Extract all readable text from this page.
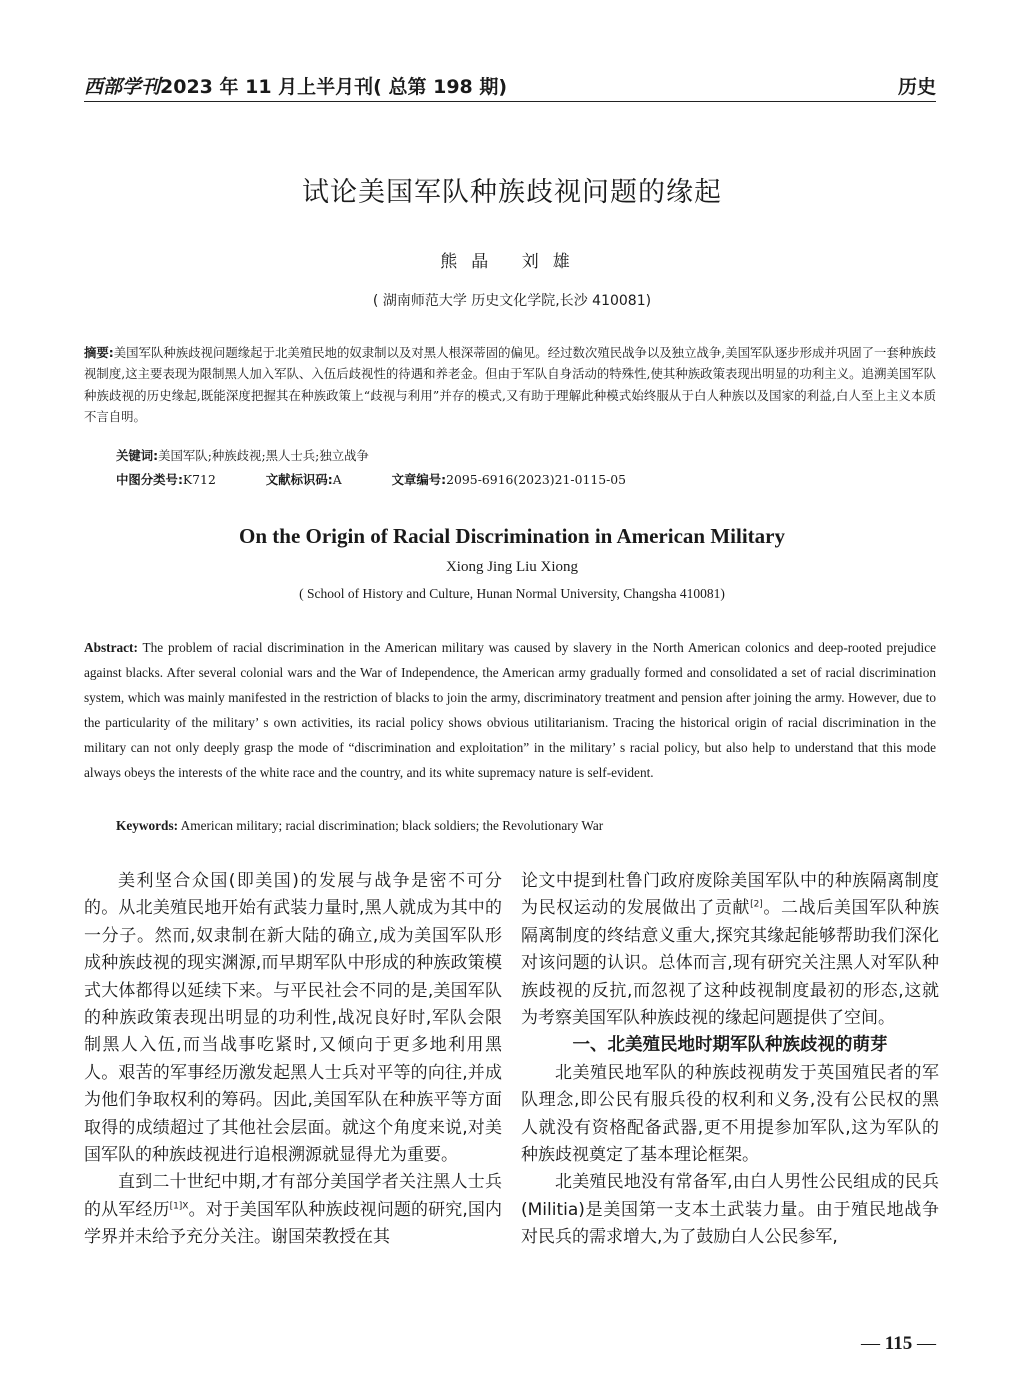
西部学刊2023 年 11 月上半月刊( 总第 198 期)	历史
试论美国军队种族歧视问题的缘起
熊晶 刘雄
( 湖南师范大学 历史文化学院,长沙 410081)
摘要:美国军队种族歧视问题缘起于北美殖民地的奴隶制以及对黑人根深蒂固的偏见。经过数次殖民战争以及独立战争,美国军队逐步形成并巩固了一套种族歧视制度,这主要表现为限制黑人加入军队、入伍后歧视性的待遇和养老金。但由于军队自身活动的特殊性,使其种族政策表现出明显的功利主义。追溯美国军队种族歧视的历史缘起,既能深度把握其在种族政策上“歧视与利用”并存的模式,又有助于理解此种模式始终服从于白人种族以及国家的利益,白人至上主义本质不言自明。
关键词:美国军队;种族歧视;黑人士兵;独立战争
中图分类号:K712	文献标识码:A	文章编号:2095-6916(2023)21-0115-05
On the Origin of Racial Discrimination in American Military
Xiong Jing Liu Xiong
( School of History and Culture, Hunan Normal University, Changsha 410081)
Abstract: The problem of racial discrimination in the American military was caused by slavery in the North American colonics and deep-rooted prejudice against blacks. After several colonial wars and the War of Independence, the American army gradually formed and consolidated a set of racial discrimination system, which was mainly manifested in the restriction of blacks to join the army, discriminatory treatment and pension after joining the army. However, due to the particularity of the military’ s own activities, its racial policy shows obvious utilitarianism. Tracing the historical origin of racial discrimination in the military can not only deeply grasp the mode of “discrimination and exploitation” in the military’ s racial policy, but also help to understand that this mode always obeys the interests of the white race and the country, and its white supremacy nature is self-evident.
Keywords: American military; racial discrimination; black soldiers; the Revolutionary War

美利坚合众国(即美国)的发展与战争是密不可分的。从北美殖民地开始有武装力量时,黑人就成为其中的一分子。然而,奴隶制在新大陆的确立,成为美国军队形成种族歧视的现实渊源,而早期军队中形成的种族政策模式大体都得以延续下来。与平民社会不同的是,美国军队的种族政策表现出明显的功利性,战况良好时,军队会限制黑人入伍,而当战事吃紧时,又倾向于更多地利用黑人。艰苦的军事经历激发起黑人士兵对平等的向往,并成为他们争取权利的筹码。因此,美国军队在种族平等方面取得的成绩超过了其他社会层面。就这个角度来说,对美国军队的种族歧视进行追根溯源就显得尤为重要。

直到二十世纪中期,才有部分美国学者关注黑人士兵的从军经历$^{[1]X}$。对于美国军队种族歧视问题的研究,国内学界并未给予充分关注。谢国荣教授在其

论文中提到杜鲁门政府废除美国军队中的种族隔离制度为民权运动的发展做出了贡献[2]。二战后美国军队种族隔离制度的终结意义重大,探究其缘起能够帮助我们深化对该问题的认识。总体而言,现有研究关注黑人对军队种族歧视的反抗,而忽视了这种歧视制度最初的形态,这就为考察美国军队种族歧视的缘起问题提供了空间。

一、北美殖民地时期军队种族歧视的萌芽

北美殖民地军队的种族歧视萌发于英国殖民者的军队理念,即公民有服兵役的权利和义务,没有公民权的黑人就没有资格配备武器,更不用提参加军队,这为军队的种族歧视奠定了基本理论框架。

北美殖民地没有常备军,由白人男性公民组成的民兵(Militia)是美国第一支本土武装力量。由于殖民地战争对民兵的需求增大,为了鼓励白人公民参军,

— 115 —
